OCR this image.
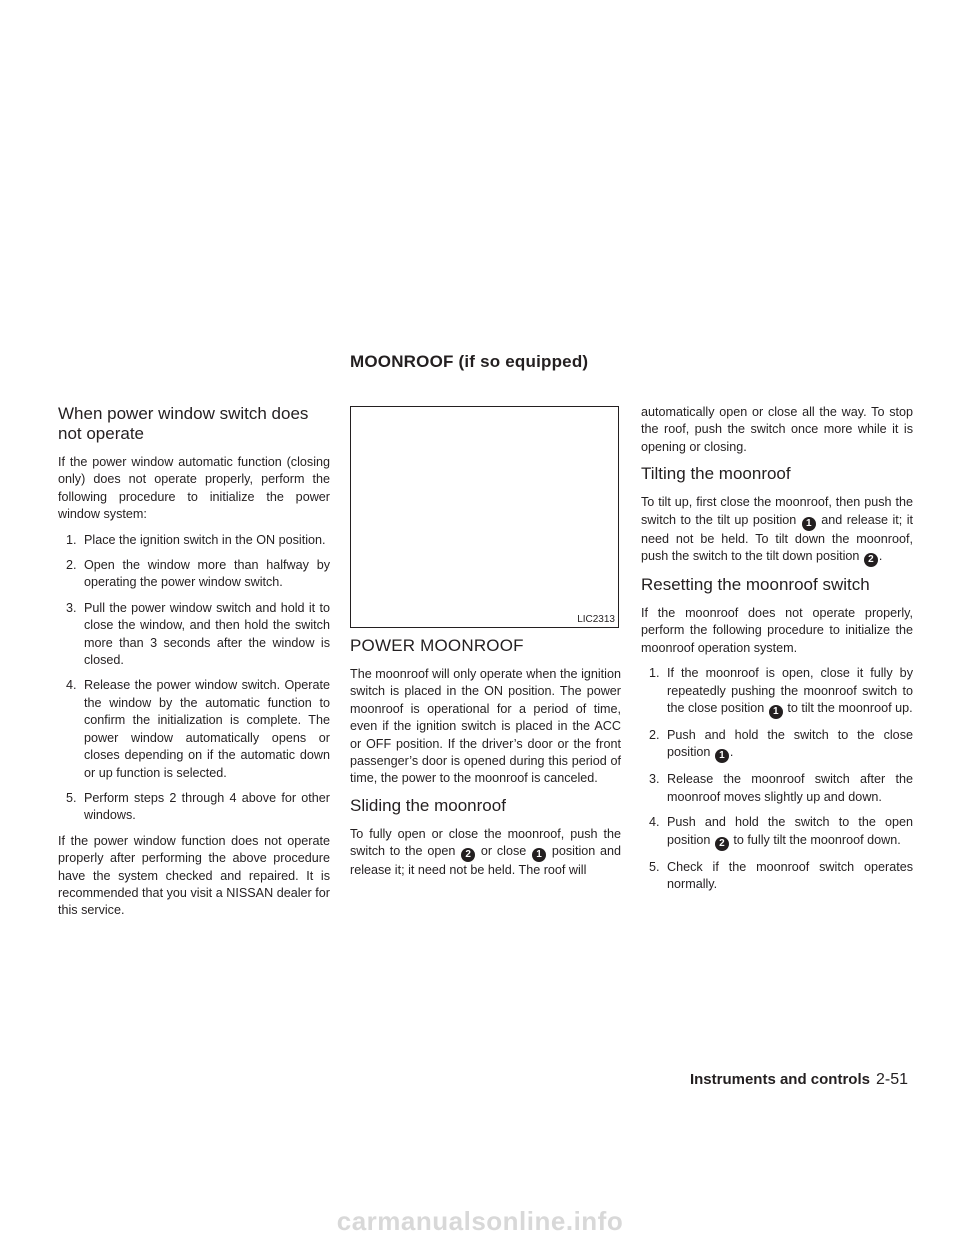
MOONROOF (if so equipped)
When power window switch does not operate

If the power window automatic function (closing only) does not operate properly, perform the following procedure to initialize the power window system:

1. Place the ignition switch in the ON position.
2. Open the window more than halfway by operating the power window switch.
3. Pull the power window switch and hold it to close the window, and then hold the switch more than 3 seconds after the window is closed.
4. Release the power window switch. Operate the window by the automatic function to confirm the initialization is complete. The power window automatically opens or closes depending on if the automatic down or up function is selected.
5. Perform steps 2 through 4 above for other windows.

If the power window function does not operate properly after performing the above procedure have the system checked and repaired. It is recommended that you visit a NISSAN dealer for this service.

LIC2313
POWER MOONROOF

The moonroof will only operate when the ignition switch is placed in the ON position. The power moonroof is operational for a period of time, even if the ignition switch is placed in the ACC or OFF position. If the driver’s door or the front passenger’s door is opened during this period of time, the power to the moonroof is canceled.

Sliding the moonroof

To fully open or close the moonroof, push the switch to the open 2 or close 1 position and release it; it need not be held. The roof will

automatically open or close all the way. To stop the roof, push the switch once more while it is opening or closing.

Tilting the moonroof

To tilt up, first close the moonroof, then push the switch to the tilt up position 1 and release it; it need not be held. To tilt down the moonroof, push the switch to the tilt down position 2 .

Resetting the moonroof switch

If the moonroof does not operate properly, perform the following procedure to initialize the moonroof operation system.

1. If the moonroof is open, close it fully by repeatedly pushing the moonroof switch to the close position 1 to tilt the moonroof up.
2. Push and hold the switch to the close position 1 .
3. Release the moonroof switch after the moonroof moves slightly up and down.
4. Push and hold the switch to the open position 2 to fully tilt the moonroof down.
5. Check if the moonroof switch operates normally.
Instruments and controls 2-51
carmanualsonline.info
